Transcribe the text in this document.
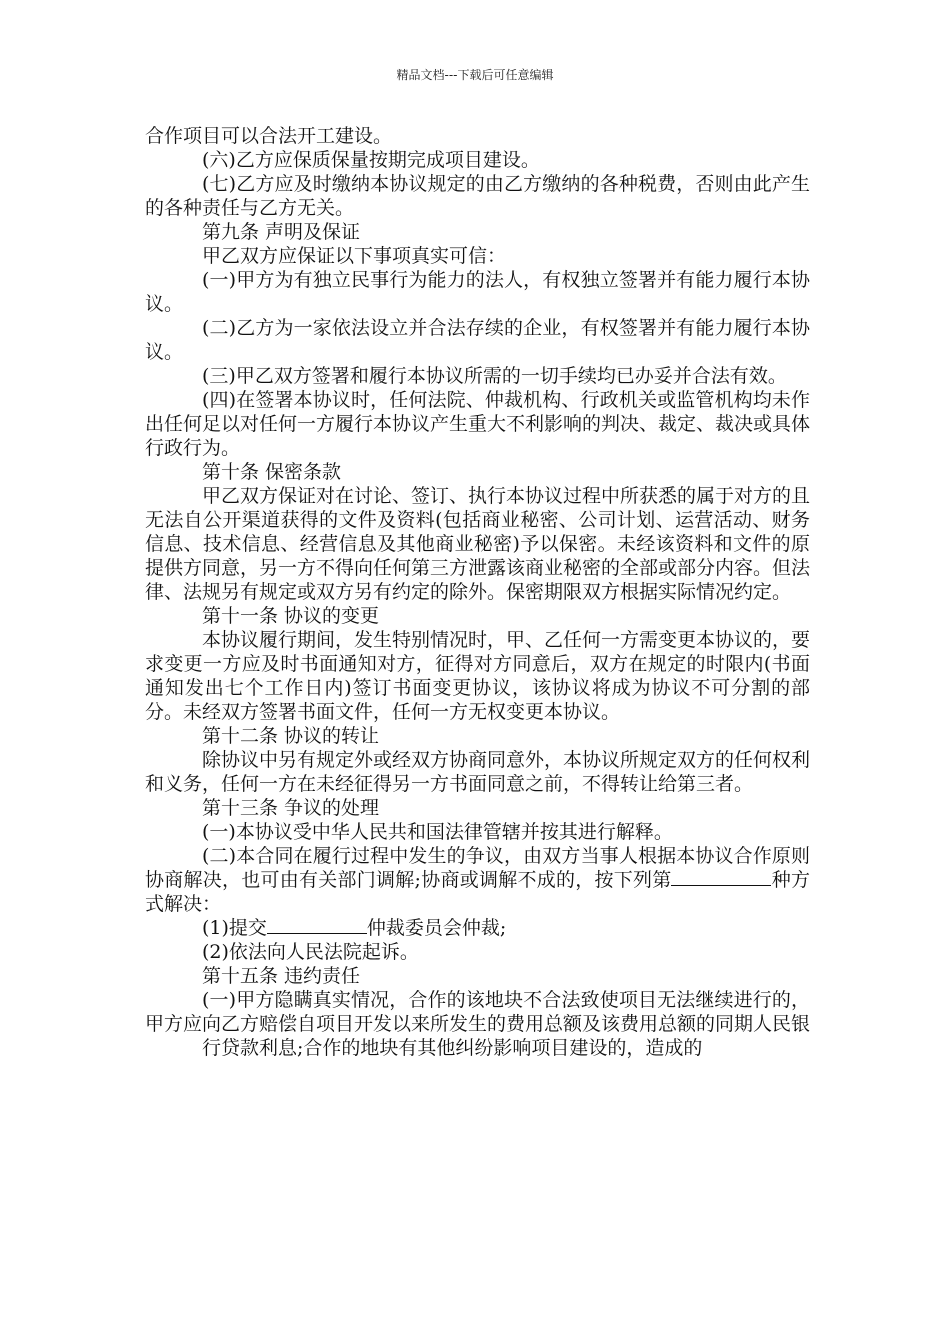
精品文档---下载后可任意编辑

合作项目可以合法开工建设。

(六)乙方应保质保量按期完成项目建设。

(七)乙方应及时缴纳本协议规定的由乙方缴纳的各种税费，否则由此产生的各种责任与乙方无关。

第九条 声明及保证

甲乙双方应保证以下事项真实可信：

(一)甲方为有独立民事行为能力的法人，有权独立签署并有能力履行本协议。

(二)乙方为一家依法设立并合法存续的企业，有权签署并有能力履行本协议。

(三)甲乙双方签署和履行本协议所需的一切手续均已办妥并合法有效。

(四)在签署本协议时，任何法院、仲裁机构、行政机关或监管机构均未作出任何足以对任何一方履行本协议产生重大不利影响的判决、裁定、裁决或具体行政行为。

第十条 保密条款

甲乙双方保证对在讨论、签订、执行本协议过程中所获悉的属于对方的且无法自公开渠道获得的文件及资料(包括商业秘密、公司计划、运营活动、财务信息、技术信息、经营信息及其他商业秘密)予以保密。未经该资料和文件的原提供方同意，另一方不得向任何第三方泄露该商业秘密的全部或部分内容。但法律、法规另有规定或双方另有约定的除外。保密期限双方根据实际情况约定。

第十一条 协议的变更

本协议履行期间，发生特别情况时，甲、乙任何一方需变更本协议的，要求变更一方应及时书面通知对方，征得对方同意后，双方在规定的时限内(书面通知发出七个工作日内)签订书面变更协议，该协议将成为协议不可分割的部分。未经双方签署书面文件，任何一方无权变更本协议。

第十二条 协议的转让

除协议中另有规定外或经双方协商同意外，本协议所规定双方的任何权利和义务，任何一方在未经征得另一方书面同意之前，不得转让给第三者。

第十三条 争议的处理

(一)本协议受中华人民共和国法律管辖并按其进行解释。

(二)本合同在履行过程中发生的争议，由双方当事人根据本协议合作原则协商解决，也可由有关部门调解;协商或调解不成的，按下列第	种方式解决：

(1)提交	仲裁委员会仲裁;

(2)依法向人民法院起诉。

第十五条 违约责任

(一)甲方隐瞒真实情况，合作的该地块不合法致使项目无法继续进行的，甲方应向乙方赔偿自项目开发以来所发生的费用总额及该费用总额的同期人民银

行贷款利息;合作的地块有其他纠纷影响项目建设的，造成的
